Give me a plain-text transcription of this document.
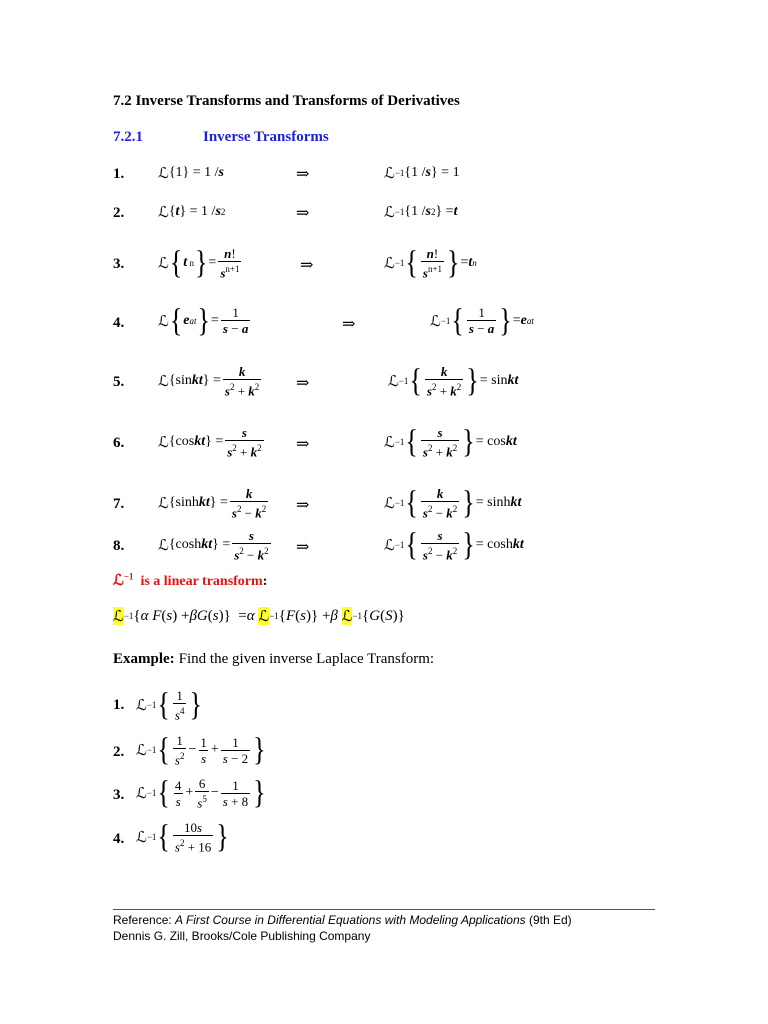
7.2 Inverse Transforms and Transforms of Derivatives
7.2.1	Inverse Transforms
1. ℒ {1} = 1 / s	⇒	ℒ −1 {1 / s } = 1
2. ℒ { t } = 1 / s 2	⇒	ℒ −1 {1 / s 2 } = t
3. ℒ { t n } = $\frac{n!}{s^{n+1}}$	⇒	ℒ −1 { $\frac{n!}{s^{n+1}}$ } = t n
4. ℒ { e at } = $\frac{1}{s - a}$	⇒	ℒ −1 { $\frac{1}{s - a}$ } = e at
5. ℒ {sin kt } = $\frac{k}{s^2 + k^2}$ ⇒	ℒ −1 { $\frac{k}{s^2 + k^2}$ } = sin kt
6. ℒ {cos kt } = $\frac{s}{s^2 + k^2}$ ⇒	ℒ −1 { $\frac{s}{s^2 + k^2}$ } = cos kt
7. ℒ {sinh kt } = $\frac{k}{s^2 - k^2}$ ⇒	ℒ −1 { $\frac{k}{s^2 - k^2}$ } = sinh kt
8. ℒ {cosh kt } = $\frac{s}{s^2 - k^2}$ ⇒	ℒ −1 { $\frac{s}{s^2 - k^2}$ } = cosh kt
ℒ$^{-1}$ is a linear transform:
ℒ −1 { α F ( s ) + βG ( s )}  = α
ℒ −1 { F ( s )} + β
ℒ −1 { G ( S )}
Example: Find the given inverse Laplace Transform:
1. ℒ −1 { $\frac{1}{s^4}$ }
2. ℒ −1 { $\frac{1}{s^2} - \frac{1}{s} + \frac{1}{s - 2}$ }
3. ℒ −1 { $\frac{4}{s} + \frac{6}{s^5} - \frac{1}{s + 8}$ }
4. ℒ −1 { $\frac{10s}{s^2 + 16}$ }
Reference: A First Course in Differential Equations with Modeling Applications (9th Ed)
Dennis G. Zill, Brooks/Cole Publishing Company
